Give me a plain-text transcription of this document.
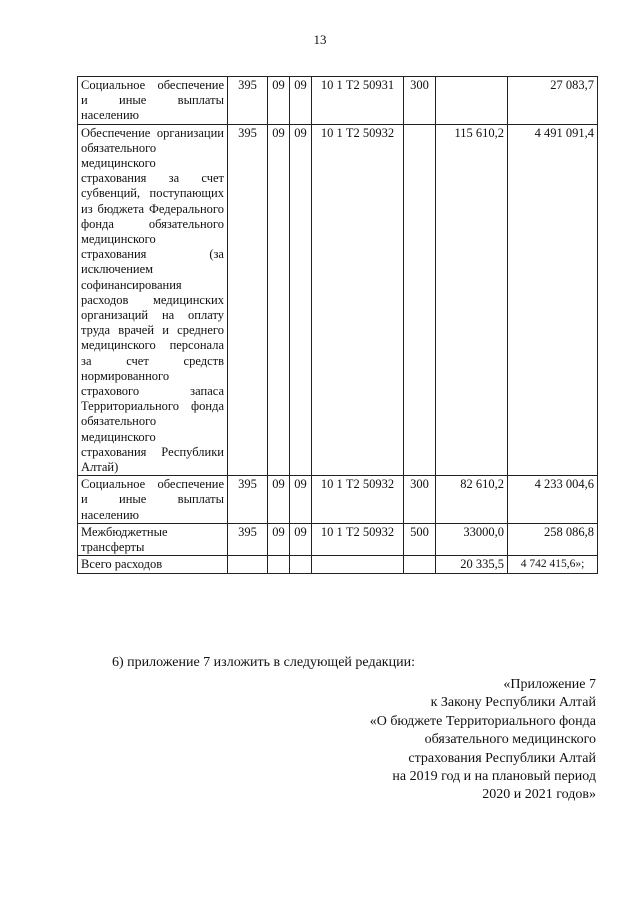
13
Социальное обеспечение и иные выплаты населению	395	09	09	10 1 Т2 50931	300		27 083,7
Обеспечение организации обязательного медицинского страхования за счет субвенций, поступающих из бюджета Федерального фонда обязательного медицинского страхования (за исключением софинансирования расходов медицинских организаций на оплату труда врачей и среднего медицинского персонала за счет средств нормированного страхового запаса Территориального фонда обязательного медицинского страхования Республики Алтай)	395	09	09	10 1 Т2 50932		115 610,2	4 491 091,4
Социальное обеспечение и иные выплаты населению	395	09	09	10 1 Т2 50932	300	82 610,2	4 233 004,6
Межбюджетные трансферты	395	09	09	10 1 Т2 50932	500	33000,0	258 086,8
Всего расходов						20 335,5	4 742 415,6»;
6) приложение 7 изложить в следующей редакции:
«Приложение 7
к Закону Республики Алтай
«О бюджете Территориального фонда
обязательного медицинского
страхования Республики Алтай
на 2019 год и на плановый период
2020 и 2021 годов»
